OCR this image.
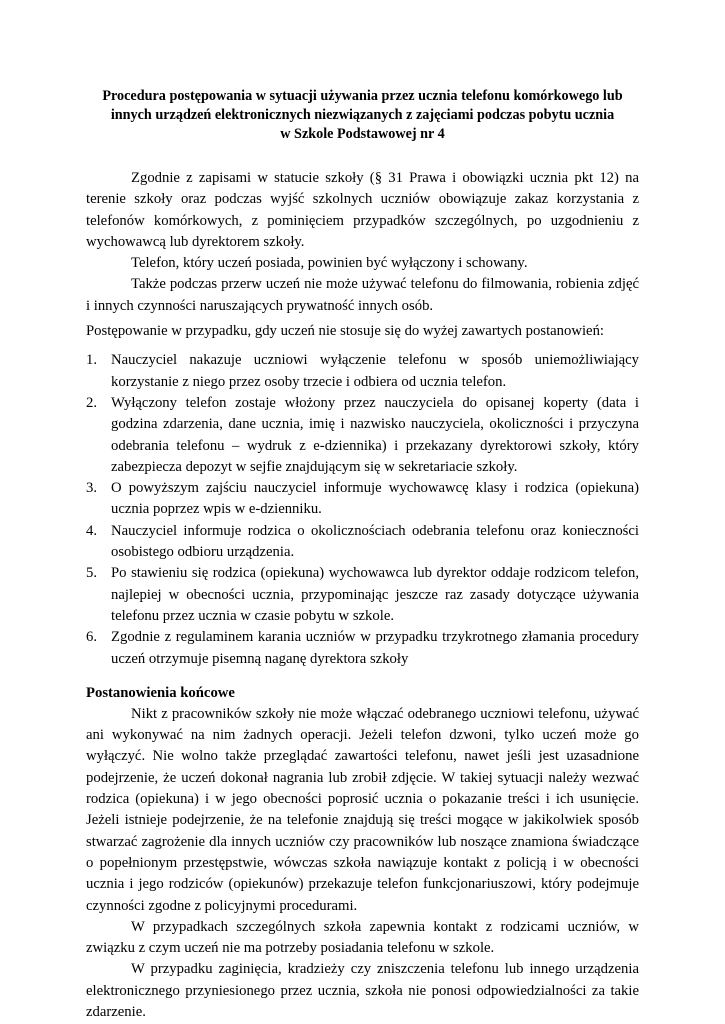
Procedura postępowania w sytuacji używania przez ucznia telefonu komórkowego lub
innych urządzeń elektronicznych niezwiązanych z zajęciami podczas pobytu ucznia
w Szkole Podstawowej nr 4

Zgodnie z zapisami w statucie szkoły (§ 31 Prawa i obowiązki ucznia pkt 12) na terenie szkoły oraz podczas wyjść szkolnych uczniów obowiązuje zakaz korzystania z telefonów komórkowych, z pominięciem przypadków szczególnych, po uzgodnieniu z wychowawcą lub dyrektorem szkoły.

Telefon, który uczeń posiada, powinien być wyłączony i schowany.

Także podczas przerw uczeń nie może używać telefonu do filmowania, robienia zdjęć i innych czynności naruszających prywatność innych osób.

Postępowanie w przypadku, gdy uczeń nie stosuje się do wyżej zawartych postanowień:

1. Nauczyciel nakazuje uczniowi wyłączenie telefonu w sposób uniemożliwiający korzystanie z niego przez osoby trzecie i odbiera od ucznia telefon.
2. Wyłączony telefon zostaje włożony przez nauczyciela do opisanej koperty (data i godzina zdarzenia, dane ucznia, imię i nazwisko nauczyciela, okoliczności i przyczyna odebrania telefonu – wydruk z e-dziennika) i przekazany dyrektorowi szkoły, który zabezpiecza depozyt w sejfie znajdującym się w sekretariacie szkoły.
3. O powyższym zajściu nauczyciel informuje wychowawcę klasy i rodzica (opiekuna) ucznia poprzez wpis w e-dzienniku.
4. Nauczyciel informuje rodzica o okolicznościach odebrania telefonu oraz konieczności osobistego odbioru urządzenia.
5. Po stawieniu się rodzica (opiekuna) wychowawca lub dyrektor oddaje rodzicom telefon, najlepiej w obecności ucznia, przypominając jeszcze raz zasady dotyczące używania telefonu przez ucznia w czasie pobytu w szkole.
6. Zgodnie z regulaminem karania uczniów w przypadku trzykrotnego złamania procedury uczeń otrzymuje pisemną naganę dyrektora szkoły
Postanowienia końcowe

Nikt z pracowników szkoły nie może włączać odebranego uczniowi telefonu, używać ani wykonywać na nim żadnych operacji. Jeżeli telefon dzwoni, tylko uczeń może go wyłączyć. Nie wolno także przeglądać zawartości telefonu, nawet jeśli jest uzasadnione podejrzenie, że uczeń dokonał nagrania lub zrobił zdjęcie. W takiej sytuacji należy wezwać rodzica (opiekuna) i w jego obecności poprosić ucznia o pokazanie treści i ich usunięcie. Jeżeli istnieje podejrzenie, że na telefonie znajdują się treści mogące w jakikolwiek sposób stwarzać zagrożenie dla innych uczniów czy pracowników lub noszące znamiona świadczące o popełnionym przestępstwie, wówczas szkoła nawiązuje kontakt z policją i w obecności ucznia i jego rodziców (opiekunów) przekazuje telefon funkcjonariuszowi, który podejmuje czynności zgodne z policyjnymi procedurami.

W przypadkach szczególnych szkoła zapewnia kontakt z rodzicami uczniów, w związku z czym uczeń nie ma potrzeby posiadania telefonu w szkole.

W przypadku zaginięcia, kradzieży czy zniszczenia telefonu lub innego urządzenia elektronicznego przyniesionego przez ucznia, szkoła nie ponosi odpowiedzialności za takie zdarzenie.
